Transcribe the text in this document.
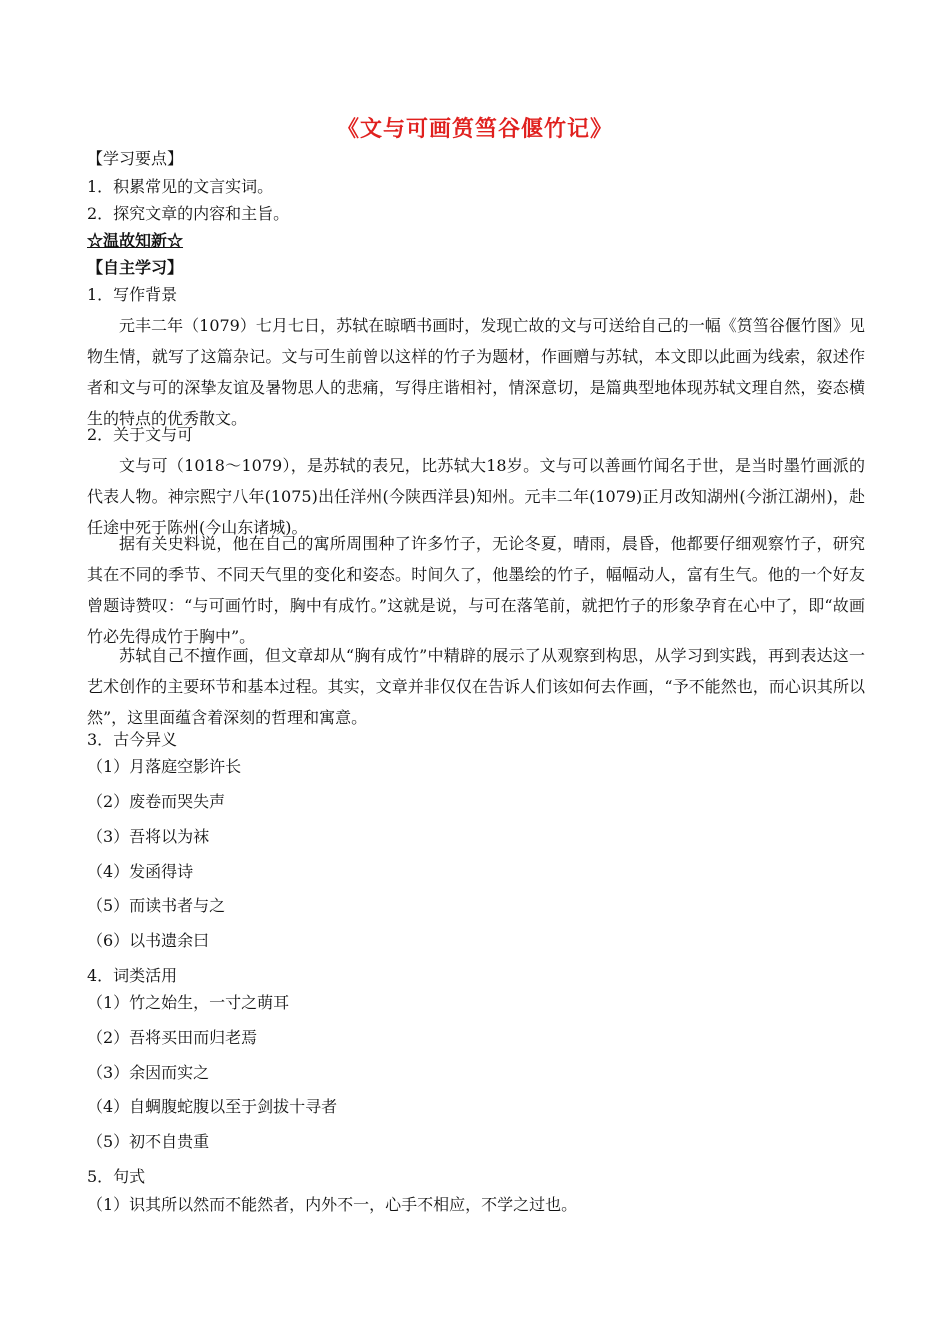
《文与可画筼筜谷偃竹记》
【学习要点】
1．积累常见的文言实词。
2．探究文章的内容和主旨。
☆温故知新☆
【自主学习】
1．写作背景
元丰二年（1079）七月七日，苏轼在晾晒书画时，发现亡故的文与可送给自己的一幅《筼筜谷偃竹图》见物生情，就写了这篇杂记。文与可生前曾以这样的竹子为题材，作画赠与苏轼，本文即以此画为线索，叙述作者和文与可的深挚友谊及暑物思人的悲痛，写得庄谐相衬，情深意切，是篇典型地体现苏轼文理自然，姿态横生的特点的优秀散文。
2．关于文与可
文与可（1018～1079），是苏轼的表兄，比苏轼大18岁。文与可以善画竹闻名于世，是当时墨竹画派的代表人物。神宗熙宁八年(1075)出任洋州(今陕西洋县)知州。元丰二年(1079)正月改知湖州(今浙江湖州)，赴任途中死于陈州(今山东诸城)。
据有关史料说，他在自己的寓所周围种了许多竹子，无论冬夏，晴雨，晨昏，他都要仔细观察竹子，研究其在不同的季节、不同天气里的变化和姿态。时间久了，他墨绘的竹子，幅幅动人，富有生气。他的一个好友曾题诗赞叹：“与可画竹时，胸中有成竹。”这就是说，与可在落笔前，就把竹子的形象孕育在心中了，即“故画竹必先得成竹于胸中”。
苏轼自己不擅作画，但文章却从“胸有成竹”中精辟的展示了从观察到构思，从学习到实践，再到表达这一艺术创作的主要环节和基本过程。其实，文章并非仅仅在告诉人们该如何去作画，“予不能然也，而心识其所以然”，这里面蕴含着深刻的哲理和寓意。
3．古今异义
（1）月落庭空影许长
（2）废卷而哭失声
（3）吾将以为袜
（4）发函得诗
（5）而读书者与之
（6）以书遗余曰
4．词类活用
（1）竹之始生，一寸之萌耳
（2）吾将买田而归老焉
（3）余因而实之
（4）自蜩腹蛇腹以至于剑拔十寻者
（5）初不自贵重
5．句式
（1）识其所以然而不能然者，内外不一，心手不相应，不学之过也。
